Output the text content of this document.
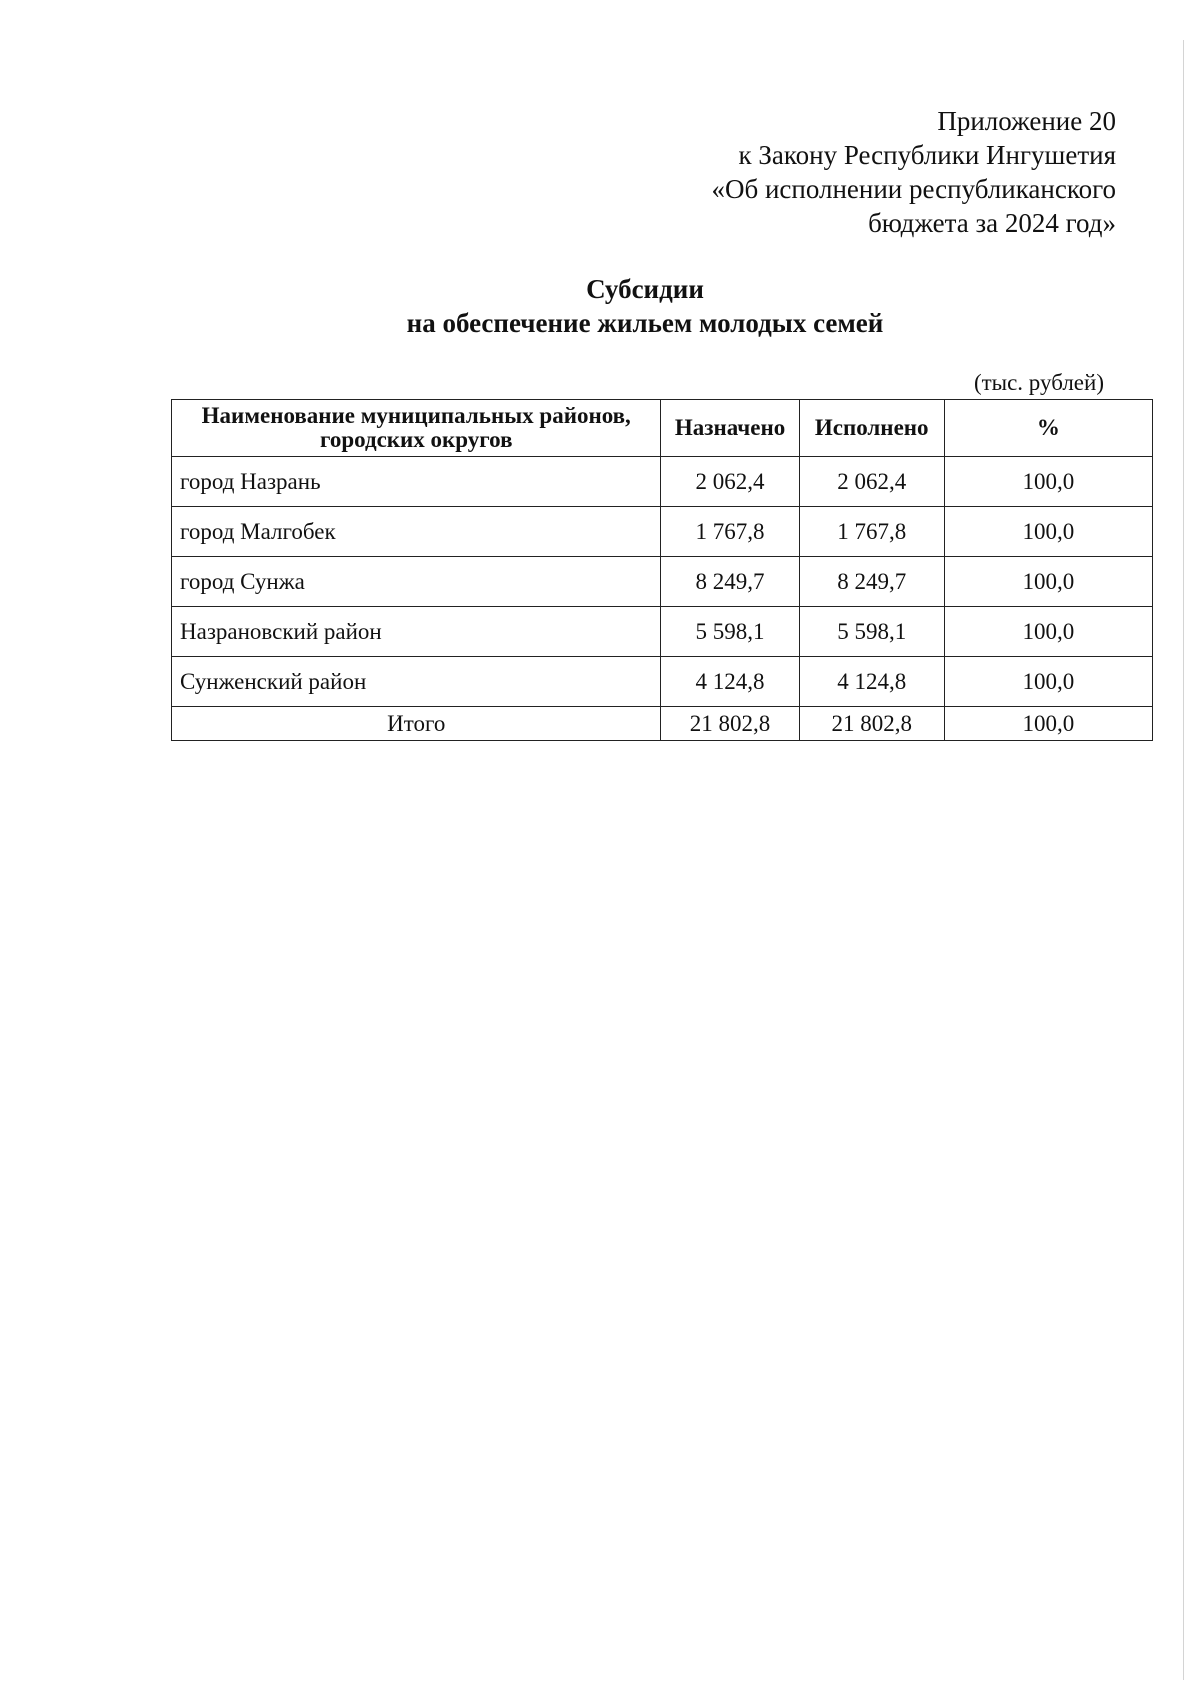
Приложение 20
к Закону Республики Ингушетия
«Об исполнении республиканского
бюджета за 2024 год»
Субсидии
на обеспечение жильем молодых семей
(тыс. рублей)
Наименование муниципальных районов, городских округов	Назначено	Исполнено	%
город Назрань	2 062,4	2 062,4	100,0
город Малгобек	1 767,8	1 767,8	100,0
город Сунжа	8 249,7	8 249,7	100,0
Назрановский район	5 598,1	5 598,1	100,0
Сунженский район	4 124,8	4 124,8	100,0
Итого	21 802,8	21 802,8	100,0
